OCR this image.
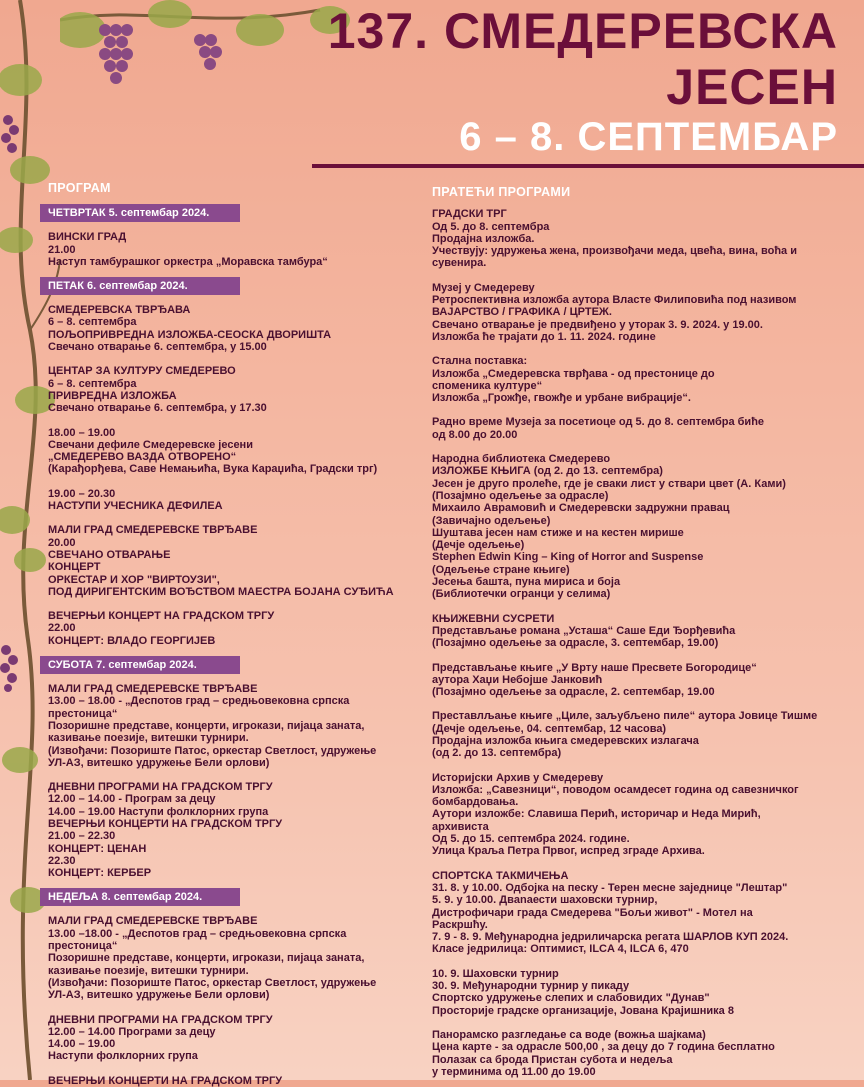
137. СМЕДЕРЕВСКА
ЈЕСЕН
6 – 8. СЕПТЕМБАР
ПРОГРАМ
ЧЕТВРТАК 5. септембар 2024.
ВИНСКИ ГРАД
21.00
Наступ тамбурашког оркестра „Моравска тамбура“
ПЕТАК 6. септембар 2024.
СМЕДЕРЕВСКА ТВРЂАВА
6 – 8. септембра
ПОЉОПРИВРЕДНА ИЗЛОЖБА-СЕОСКА ДВОРИШТА
Свечано отварање 6. септембра, у 15.00
ЦЕНТАР ЗА КУЛТУРУ СМЕДЕРЕВО
6 – 8. септембра
ПРИВРЕДНА ИЗЛОЖБА
Свечано отварање 6. септембра, у 17.30
18.00 – 19.00
Свечани дефиле Смедеревске јесени
„СМЕДЕРЕВО ВАЗДА ОТВОРЕНО“
(Карађорђева, Саве Немањића, Вука Караџића, Градски трг)
19.00 – 20.30
НАСТУПИ УЧЕСНИКА ДЕФИЛЕА
МАЛИ ГРАД СМЕДЕРЕВСКЕ ТВРЂАВЕ
20.00
СВЕЧАНО ОТВАРАЊЕ
КОНЦЕРТ
ОРКЕСТАР И ХОР "ВИРТОУЗИ",
ПОД ДИРИГЕНТСКИМ ВОЂСТВОМ МАЕСТРА БОЈАНА СУЂИЋА
ВЕЧЕРЊИ КОНЦЕРТ НА ГРАДСКОМ ТРГУ
22.00
КОНЦЕРТ: ВЛАДО ГЕОРГИЈЕВ
СУБОТА 7. септембар 2024.
МАЛИ ГРАД СМЕДЕРЕВСКЕ ТВРЂАВЕ
13.00 – 18.00 - „Деспотов град – средњовековна српска
престоница“
Позоришне представе, концерти, игрокази, пијаца заната,
казивање поезије, витешки турнири.
(Извођачи: Позориште Патос, оркестар Светлост, удружење
УЛ-АЗ, витешко удружење Бели орлови)
ДНЕВНИ ПРОГРАМИ НА ГРАДСКОМ ТРГУ
12.00 – 14.00 - Програм за децу
14.00 – 19.00 Наступи фолклорних група
ВЕЧЕРЊИ КОНЦЕРТИ НА ГРАДСКОМ ТРГУ
21.00 – 22.30
КОНЦЕРТ: ЦЕНАН
22.30
КОНЦЕРТ: КЕРБЕР
НЕДЕЉА 8. септембар 2024.
МАЛИ ГРАД СМЕДЕРЕВСКЕ ТВРЂАВЕ
13.00 –18.00 - „Деспотов град – средњовековна српска
престоница“
Позоришне представе, концерти, игрокази, пијаца заната,
казивање поезије, витешки турнири.
(Извођачи: Позориште Патос, оркестар Светлост, удружење
УЛ-АЗ, витешко удружење Бели орлови)
ДНЕВНИ ПРОГРАМИ НА ГРАДСКОМ ТРГУ
12.00 – 14.00 Програми за децу
14.00 – 19.00
Наступи фолклорних група
ВЕЧЕРЊИ КОНЦЕРТИ НА ГРАДСКОМ ТРГУ
ПРАТЕЋИ ПРОГРАМИ
ГРАДСКИ ТРГ
Од 5. до 8. септембра
Продајна изложба.
Учествују: удружења жена, произвођачи меда, цвећа, вина, воћа и
сувенирa.
Музеј у Смедереву
Ретроспективна изложба аутора Власте Филиповића под називом
ВАЈАРСТВО / ГРАФИКА / ЦРТЕЖ.
Свечано отварање је предвиђено у уторак 3. 9. 2024. у 19.00.
Изложба ће трајати до 1. 11. 2024. године
Стална поставка:
Изложба „Смедеревска тврђава - од престонице до
споменика културе“
Изложба „Грожђе, гвожђе и урбане вибрације“.
Радно време Музеја за посетиоце од 5. до 8. септембра биће
од 8.00 до 20.00
Народна библиотека Смедерево
ИЗЛОЖБЕ КЊИГА (од 2. до 13. септембра)
Јесен је друго пролеће, где је сваки лист у ствари цвет (А. Ками)
(Позајмно одељење за одрасле)
Михаило Аврамовић и Смедеревски задружни правац
(Завичајно одељење)
Шуштава јесен нам стиже и на кестен мирише
(Дечје одељење)
Stephen Edwin King – King of Horror and Suspense
(Одељење стране књиге)
Јесења башта, пуна мириса и боја
(Библиотечки огранци у селима)
КЊИЖЕВНИ СУСРЕТИ
Представљање романа „Усташа“ Саше Еди Ђорђевића
(Позајмно одељење за одрасле, 3. септембар, 19.00)
Представљање књиге „У Врту наше Пресвете Богородице“
аутора Хаџи Небојше Јанковић
(Позајмно одељење за одрасле, 2. септембар, 19.00
Преставлљање књиге „Циле, заљубљено пиле“ аутора Јовице Тишме
(Дечје одељење, 04. септембар, 12 часова)
Продајна изложба књига смедеревских излагача
(од 2. до 13. септембра)
Историјски Архив у Смедереву
Изложба: „Савезници“, поводом осамдесет година од савезничког
бомбардовања.
Аутори изложбе: Славиша Перић, историчар и Неда Мирић,
архивиста
Од 5. до 15. септембра 2024. године.
Улица Краља Петра Првог, испред зграде Архива.
СПОРТСКА ТАКМИЧЕЊА
31. 8. у 10.00. Одбојка на песку - Терен месне заједнице "Лештар"
5. 9. у 10.00. Двanaести шаховски турнир,
Дистрофичари града Смедерева "Бољи живот" - Мотел на
Раскршћу.
7. 9 - 8. 9. Међународна једриличарска регата ШАРЛОВ КУП 2024.
Класе једрилица: Оптимист, ILCA 4, ILCA 6, 470
10. 9. Шаховски турнир
30. 9. Међународни турнир у пикаду
Спортско удружење слепих и слабовидих "Дунав"
Просторије градске организације, Јована Крајишника 8
Панорамско разгледање са воде (вожња шајкама)
Цена карте - за одрасле 500,00 , за децу до 7 година бесплатно
Полазак са брода Пристан субота и недеља
у терминима од 11.00 до 19.00
